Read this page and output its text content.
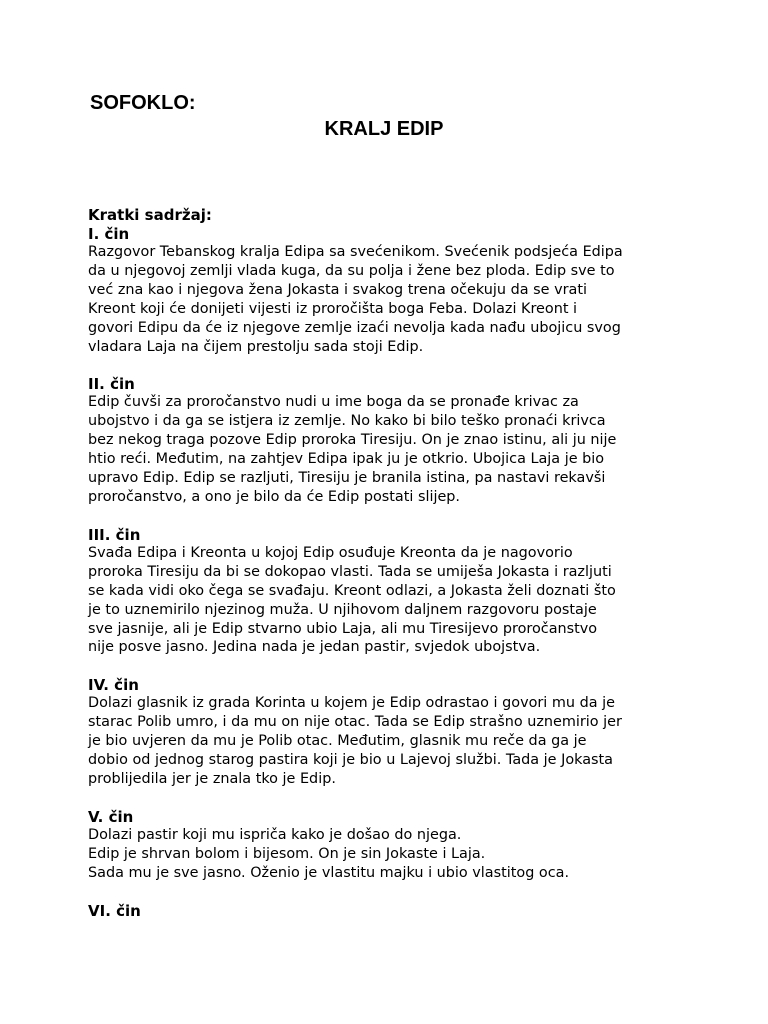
SOFOKLO:
KRALJ EDIP

Kratki sadržaj:

I. čin

Razgovor Tebanskog kralja Edipa sa svećenikom. Svećenik podsjeća Edipa
da u njegovoj zemlji vlada kuga, da su polja i žene bez ploda. Edip sve to
već zna kao i njegova žena Jokasta i svakog trena očekuju da se vrati
Kreont koji će donijeti vijesti iz proročišta boga Feba. Dolazi Kreont i
govori Edipu da će iz njegove zemlje izaći nevolja kada nađu ubojicu svog
vladara Laja na čijem prestolju sada stoji Edip.

II. čin

Edip čuvši za proročanstvo nudi u ime boga da se pronađe krivac za
ubojstvo i da ga se istjera iz zemlje. No kako bi bilo teško pronaći krivca
bez nekog traga pozove Edip proroka Tiresiju. On je znao istinu, ali ju nije
htio reći. Međutim, na zahtjev Edipa ipak ju je otkrio. Ubojica Laja je bio
upravo Edip. Edip se razljuti, Tiresiju je branila istina, pa nastavi rekavši
proročanstvo, a ono je bilo da će Edip postati slijep.

III. čin

Svađa Edipa i Kreonta u kojoj Edip osuđuje Kreonta da je nagovorio
proroka Tiresiju da bi se dokopao vlasti. Tada se umiješa Jokasta i razljuti
se kada vidi oko čega se svađaju. Kreont odlazi, a Jokasta želi doznati što
je to uznemirilo njezinog muža. U njihovom daljnem razgovoru postaje
sve jasnije, ali je Edip stvarno ubio Laja, ali mu Tiresijevo proročanstvo
nije posve jasno. Jedina nada je jedan pastir, svjedok ubojstva.

IV. čin

Dolazi glasnik iz grada Korinta u kojem je Edip odrastao i govori mu da je
starac Polib umro, i da mu on nije otac. Tada se Edip strašno uznemirio jer
je bio uvjeren da mu je Polib otac. Međutim, glasnik mu reče da ga je
dobio od jednog starog pastira koji je bio u Lajevoj službi. Tada je Jokasta
problijedila jer je znala tko je Edip.

V. čin

Dolazi pastir koji mu ispriča kako je došao do njega.
Edip je shrvan bolom i bijesom. On je sin Jokaste i Laja.
Sada mu je sve jasno. Oženio je vlastitu majku i ubio vlastitog oca.

VI. čin
